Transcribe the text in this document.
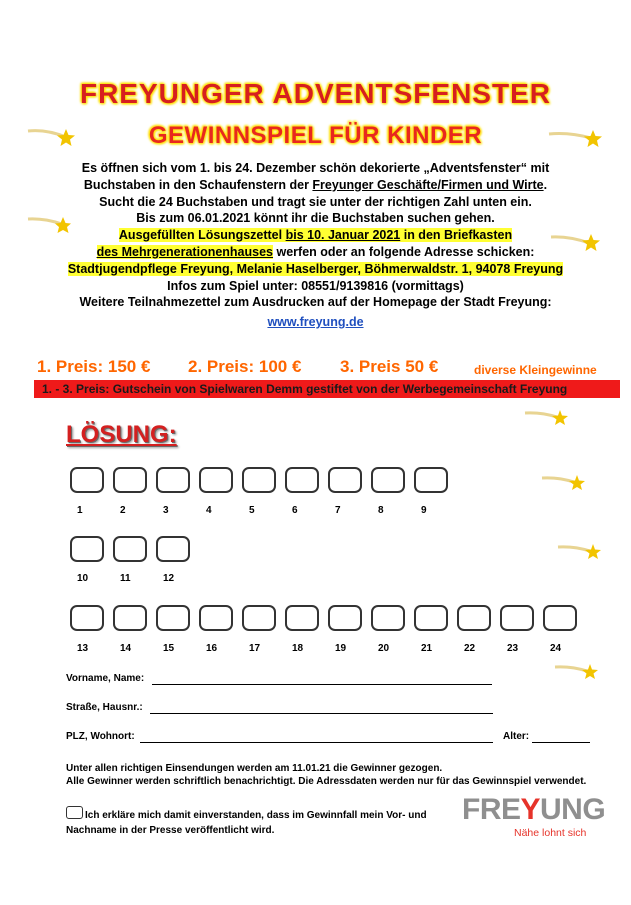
FREYUNGER ADVENTSFENSTER
GEWINNSPIEL FÜR KINDER
Es öffnen sich vom 1. bis 24. Dezember schön dekorierte „Adventsfenster“ mit
Buchstaben in den Schaufenstern der Freyunger Geschäfte/Firmen und Wirte.
Sucht die 24 Buchstaben und tragt sie unter der richtigen Zahl unten ein.
Bis zum 06.01.2021 könnt ihr die Buchstaben suchen gehen.
Ausgefüllten Lösungszettel bis 10. Januar 2021 in den Briefkasten
des Mehrgenerationenhauses werfen oder an folgende Adresse schicken:
Stadtjugendpflege Freyung, Melanie Haselberger, Böhmerwaldstr. 1, 94078 Freyung
Infos zum Spiel unter: 08551/9139816 (vormittags)
Weitere Teilnahmezettel zum Ausdrucken auf der Homepage der Stadt Freyung:
www.freyung.de
1. Preis: 150 € 2. Preis: 100 € 3. Preis 50 €	diverse Kleingewinne
1. - 3. Preis: Gutschein von Spielwaren Demm gestiftet von der Werbegemeinschaft Freyung
LÖSUNG:
1	2	3	4	5	6	7	8	9
10	11	12
13	14	15	16	17	18	19	20	21	22	23	24
Vorname, Name:
Straße, Hausnr.:
PLZ, Wohnort:	Alter:
Unter allen richtigen Einsendungen werden am 11.01.21 die Gewinner gezogen.
Alle Gewinner werden schriftlich benachrichtigt. Die Adressdaten werden nur für das Gewinnspiel verwendet.
Ich erkläre mich damit einverstanden, dass im Gewinnfall mein Vor- und
Nachname in der Presse veröffentlicht wird.
FREYUNG
Nähe lohnt sich
